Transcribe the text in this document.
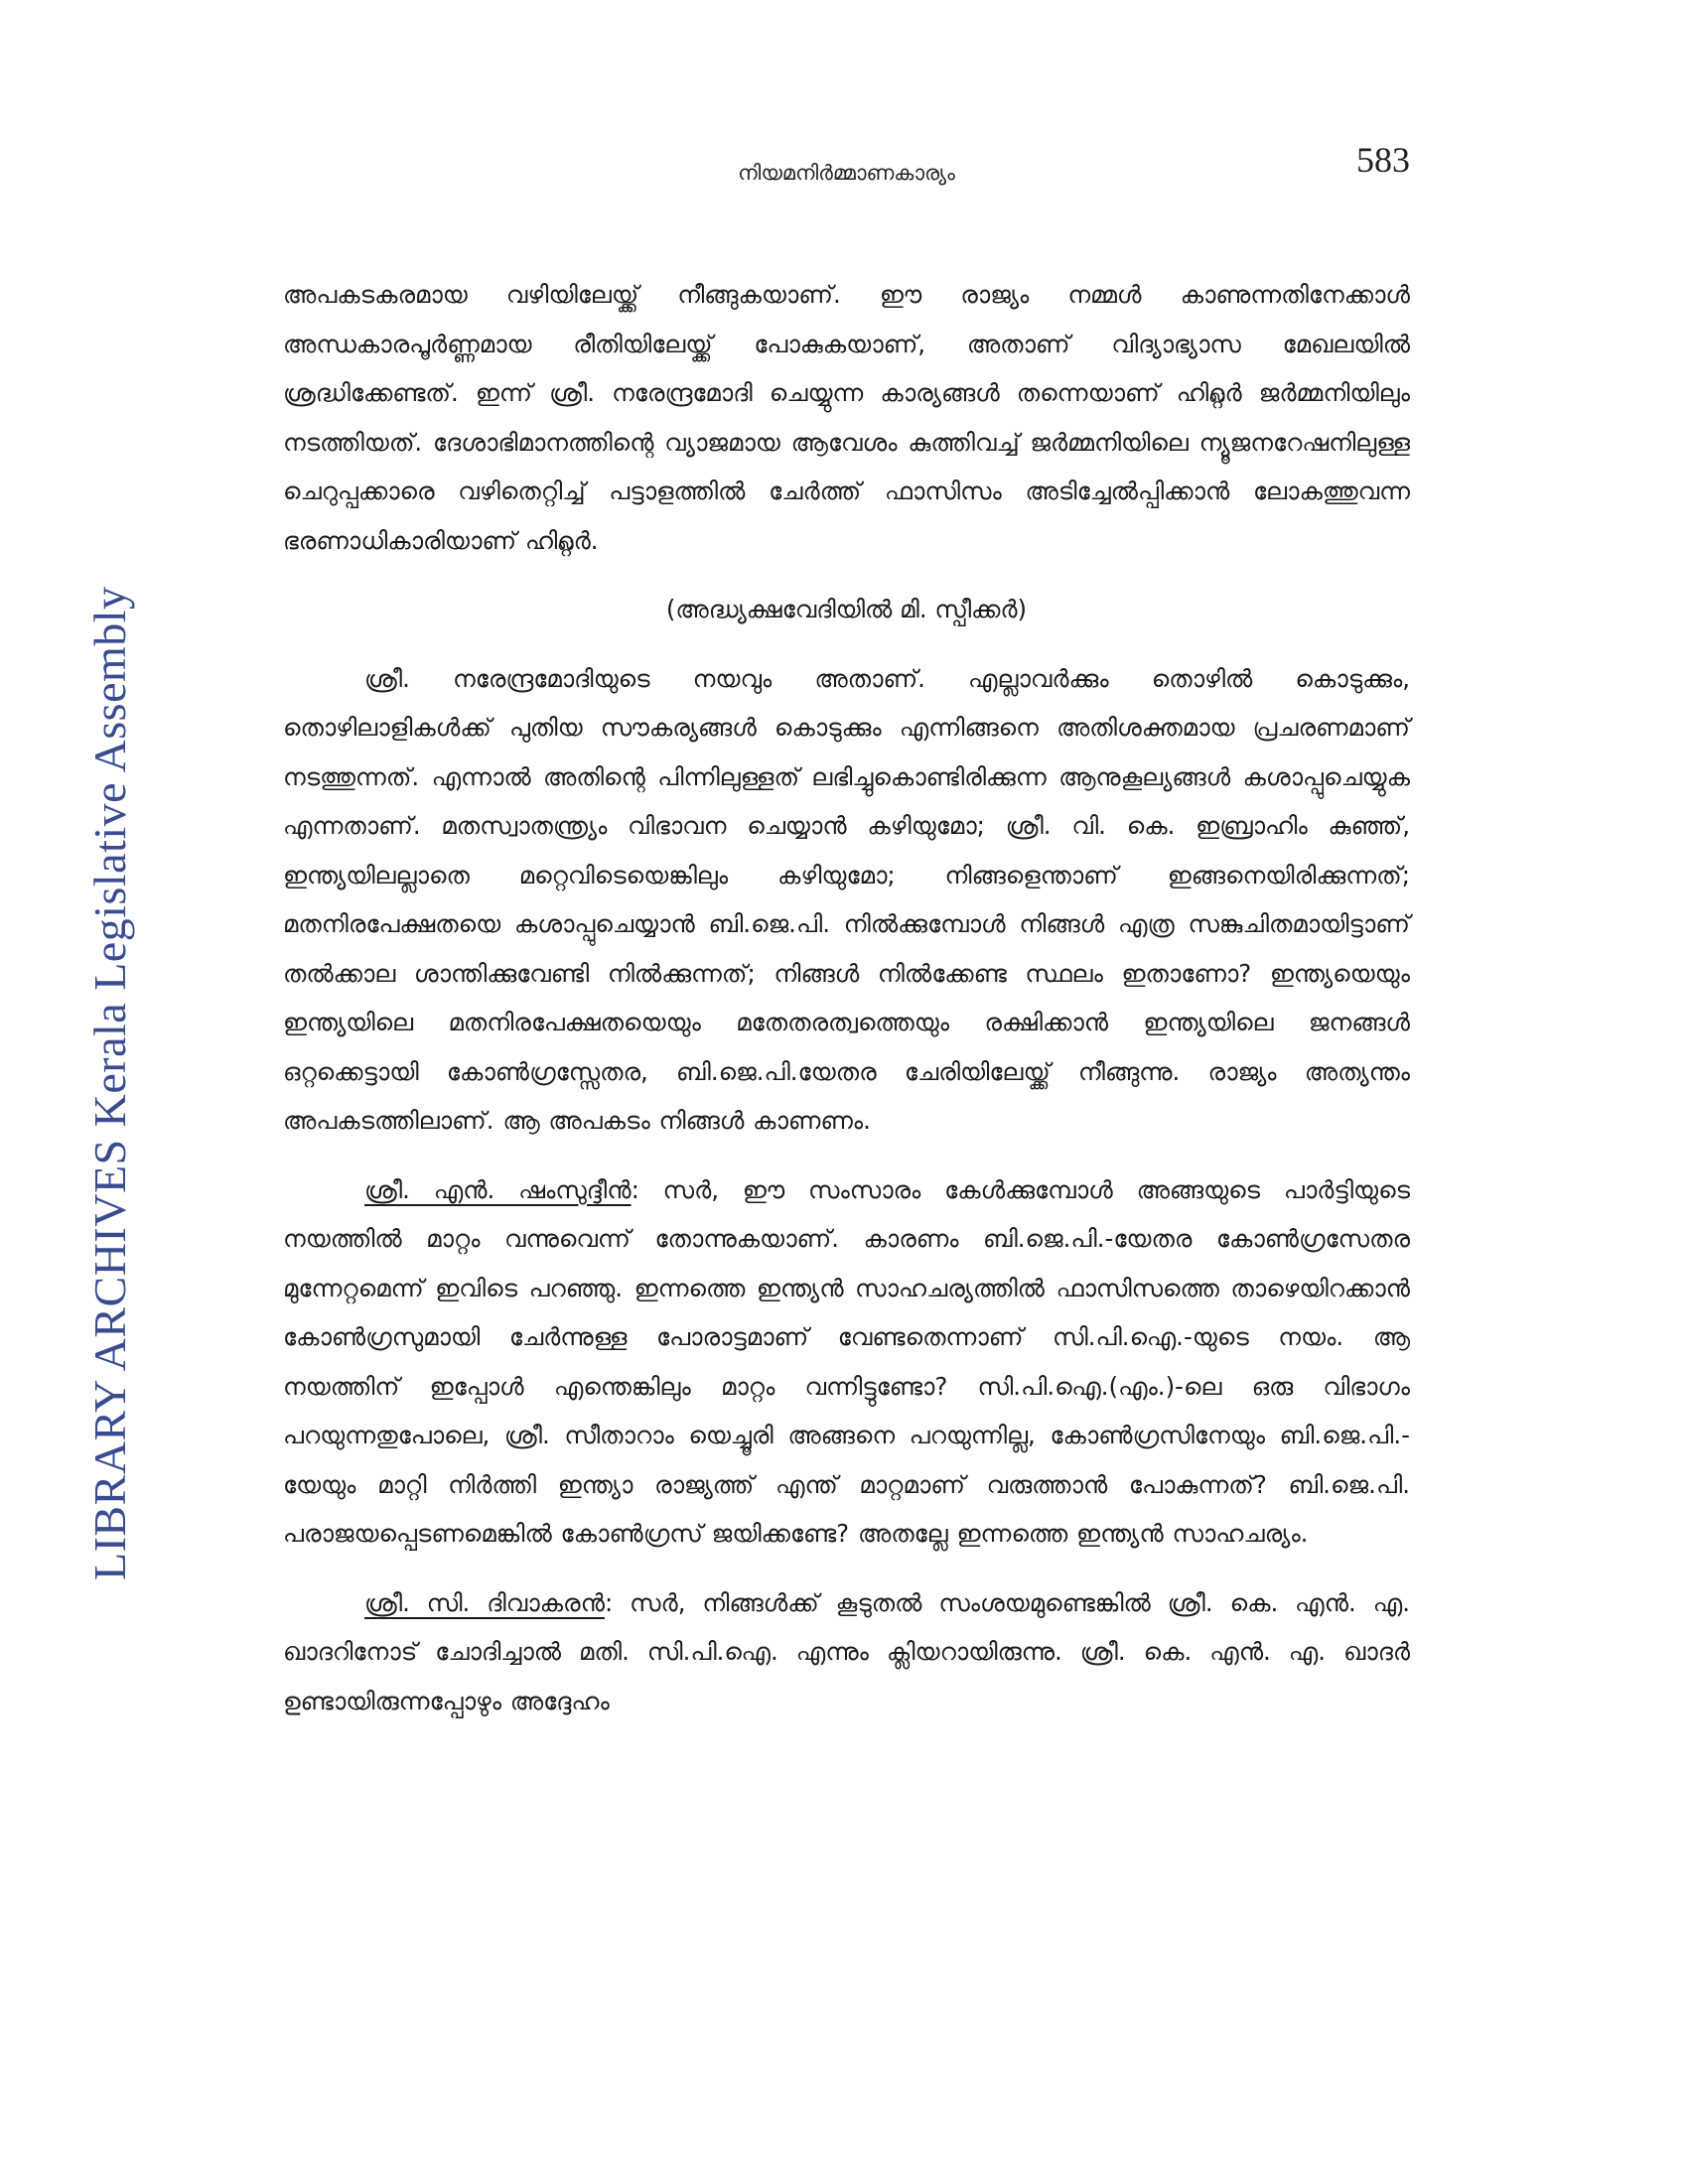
LIBRARY ARCHIVES Kerala Legislative Assembly
നിയമനിർമ്മാണകാര്യം	583

അപകടകരമായ വഴിയിലേയ്ക്ക് നീങ്ങുകയാണ്. ഈ രാജ്യം നമ്മൾ കാണുന്നതിനേക്കാൾ അന്ധകാരപൂർണ്ണമായ രീതിയിലേയ്ക്ക് പോകുകയാണ്, അതാണ് വിദ്യാഭ്യാസ മേഖലയിൽ ശ്രദ്ധിക്കേണ്ടത്. ഇന്ന് ശ്രീ. നരേന്ദ്രമോദി ചെയ്യുന്ന കാര്യങ്ങൾ തന്നെയാണ് ഹിറ്റ്ലർ ജർമ്മനിയിലും നടത്തിയത്. ദേശാഭിമാനത്തിന്റെ വ്യാജമായ ആവേശം കുത്തിവച്ച് ജർമ്മനിയിലെ ന്യൂജനറേഷനിലുള്ള ചെറുപ്പക്കാരെ വഴിതെറ്റിച്ച് പട്ടാളത്തിൽ ചേർത്ത് ഫാസിസം അടിച്ചേൽപ്പിക്കാൻ ലോകത്തുവന്ന ഭരണാധികാരിയാണ് ഹിറ്റ്ലർ.

(അദ്ധ്യക്ഷവേദിയിൽ മി. സ്പീക്കർ)

ശ്രീ. നരേന്ദ്രമോദിയുടെ നയവും അതാണ്. എല്ലാവർക്കും തൊഴിൽ കൊടുക്കും, തൊഴിലാളികൾക്ക് പുതിയ സൗകര്യങ്ങൾ കൊടുക്കും എന്നിങ്ങനെ അതിശക്തമായ പ്രചരണമാണ് നടത്തുന്നത്. എന്നാൽ അതിന്റെ പിന്നിലുള്ളത് ലഭിച്ചുകൊണ്ടിരിക്കുന്ന ആനുകൂല്യങ്ങൾ കശാപ്പുചെയ്യുക എന്നതാണ്. മതസ്വാതന്ത്ര്യം വിഭാവന ചെയ്യാൻ കഴിയുമോ; ശ്രീ. വി. കെ. ഇബ്രാഹിം കുഞ്ഞ്, ഇന്ത്യയിലല്ലാതെ മറ്റെവിടെയെങ്കിലും കഴിയുമോ; നിങ്ങളെന്താണ് ഇങ്ങനെയിരിക്കുന്നത്; മതനിരപേക്ഷതയെ കശാപ്പുചെയ്യാൻ ബി.ജെ.പി. നിൽക്കുമ്പോൾ നിങ്ങൾ എത്ര സങ്കുചിതമായിട്ടാണ് തൽക്കാല ശാന്തിക്കുവേണ്ടി നിൽക്കുന്നത്; നിങ്ങൾ നിൽക്കേണ്ട സ്ഥലം ഇതാണോ? ഇന്ത്യയെയും ഇന്ത്യയിലെ മതനിരപേക്ഷതയെയും മതേതരത്വത്തെയും രക്ഷിക്കാൻ ഇന്ത്യയിലെ ജനങ്ങൾ ഒറ്റക്കെട്ടായി കോൺഗ്രസ്സേതര, ബി.ജെ.പി.യേതര ചേരിയിലേയ്ക്ക് നീങ്ങുന്നു. രാജ്യം അത്യന്തം അപകടത്തിലാണ്. ആ അപകടം നിങ്ങൾ കാണണം.

ശ്രീ. എൻ. ഷംസുദ്ദീൻ: സർ, ഈ സംസാരം കേൾക്കുമ്പോൾ അങ്ങയുടെ പാർട്ടിയുടെ നയത്തിൽ മാറ്റം വന്നുവെന്ന് തോന്നുകയാണ്. കാരണം ബി.ജെ.പി.-യേതര കോൺഗ്രസേതര മുന്നേറ്റമെന്ന് ഇവിടെ പറഞ്ഞു. ഇന്നത്തെ ഇന്ത്യൻ സാഹചര്യത്തിൽ ഫാസിസത്തെ താഴെയിറക്കാൻ കോൺഗ്രസുമായി ചേർന്നുള്ള പോരാട്ടമാണ് വേണ്ടതെന്നാണ് സി.പി.ഐ.-യുടെ നയം. ആ നയത്തിന് ഇപ്പോൾ എന്തെങ്കിലും മാറ്റം വന്നിട്ടുണ്ടോ? സി.പി.ഐ.(എം.)-ലെ ഒരു വിഭാഗം പറയുന്നതുപോലെ, ശ്രീ. സീതാറാം യെച്ചൂരി അങ്ങനെ പറയുന്നില്ല, കോൺഗ്രസിനേയും ബി.ജെ.പി.-യേയും മാറ്റി നിർത്തി ഇന്ത്യാ രാജ്യത്ത് എന്ത് മാറ്റമാണ് വരുത്താൻ പോകുന്നത്? ബി.ജെ.പി. പരാജയപ്പെടണമെങ്കിൽ കോൺഗ്രസ് ജയിക്കണ്ടേ? അതല്ലേ ഇന്നത്തെ ഇന്ത്യൻ സാഹചര്യം.

ശ്രീ. സി. ദിവാകരൻ: സർ, നിങ്ങൾക്ക് കൂടുതൽ സംശയമുണ്ടെങ്കിൽ ശ്രീ. കെ. എൻ. എ. ഖാദറിനോട് ചോദിച്ചാൽ മതി. സി.പി.ഐ. എന്നും ക്ലിയറായിരുന്നു. ശ്രീ. കെ. എൻ. എ. ഖാദർ ഉണ്ടായിരുന്നപ്പോഴും അദ്ദേഹം
